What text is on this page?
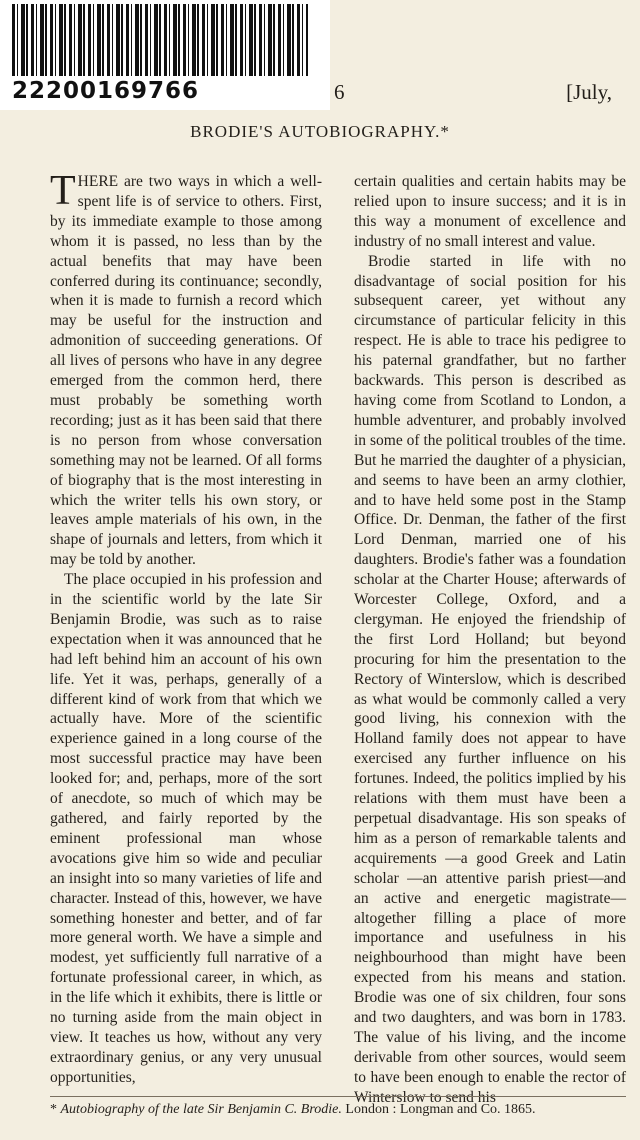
22200169766	6	[July,
BRODIE'S AUTOBIOGRAPHY.*

THERE are two ways in which a well-spent life is of service to others. First, by its immediate example to those among whom it is passed, no less than by the actual benefits that may have been conferred during its continuance; secondly, when it is made to furnish a record which may be useful for the instruction and admonition of succeeding generations. Of all lives of persons who have in any degree emerged from the common herd, there must probably be something worth recording; just as it has been said that there is no person from whose conversation something may not be learned. Of all forms of biography that is the most interesting in which the writer tells his own story, or leaves ample materials of his own, in the shape of journals and letters, from which it may be told by another.

The place occupied in his profession and in the scientific world by the late Sir Benjamin Brodie, was such as to raise expectation when it was announced that he had left behind him an account of his own life. Yet it was, perhaps, generally of a different kind of work from that which we actually have. More of the scientific experience gained in a long course of the most successful practice may have been looked for; and, perhaps, more of the sort of anecdote, so much of which may be gathered, and fairly reported by the eminent professional man whose avocations give him so wide and peculiar an insight into so many varieties of life and character. Instead of this, however, we have something honester and better, and of far more general worth. We have a simple and modest, yet sufficiently full narrative of a fortunate professional career, in which, as in the life which it exhibits, there is little or no turning aside from the main object in view. It teaches us how, without any very extraordinary genius, or any very unusual opportunities,

certain qualities and certain habits may be relied upon to insure success; and it is in this way a monument of excellence and industry of no small interest and value.

Brodie started in life with no disadvantage of social position for his subsequent career, yet without any circumstance of particular felicity in this respect. He is able to trace his pedigree to his paternal grandfather, but no farther backwards. This person is described as having come from Scotland to London, a humble adventurer, and probably involved in some of the political troubles of the time. But he married the daughter of a physician, and seems to have been an army clothier, and to have held some post in the Stamp Office. Dr. Denman, the father of the first Lord Denman, married one of his daughters. Brodie's father was a foundation scholar at the Charter House; afterwards of Worcester College, Oxford, and a clergyman. He enjoyed the friendship of the first Lord Holland; but beyond procuring for him the presentation to the Rectory of Winterslow, which is described as what would be commonly called a very good living, his connexion with the Holland family does not appear to have exercised any further influence on his fortunes. Indeed, the politics implied by his relations with them must have been a perpetual disadvantage. His son speaks of him as a person of remarkable talents and acquirements —a good Greek and Latin scholar —an attentive parish priest—and an active and energetic magistrate—altogether filling a place of more importance and usefulness in his neighbourhood than might have been expected from his means and station. Brodie was one of six children, four sons and two daughters, and was born in 1783. The value of his living, and the income derivable from other sources, would seem to have been enough to enable the rector of Winterslow to send his

* Autobiography of the late Sir Benjamin C. Brodie. London : Longman and Co. 1865.
